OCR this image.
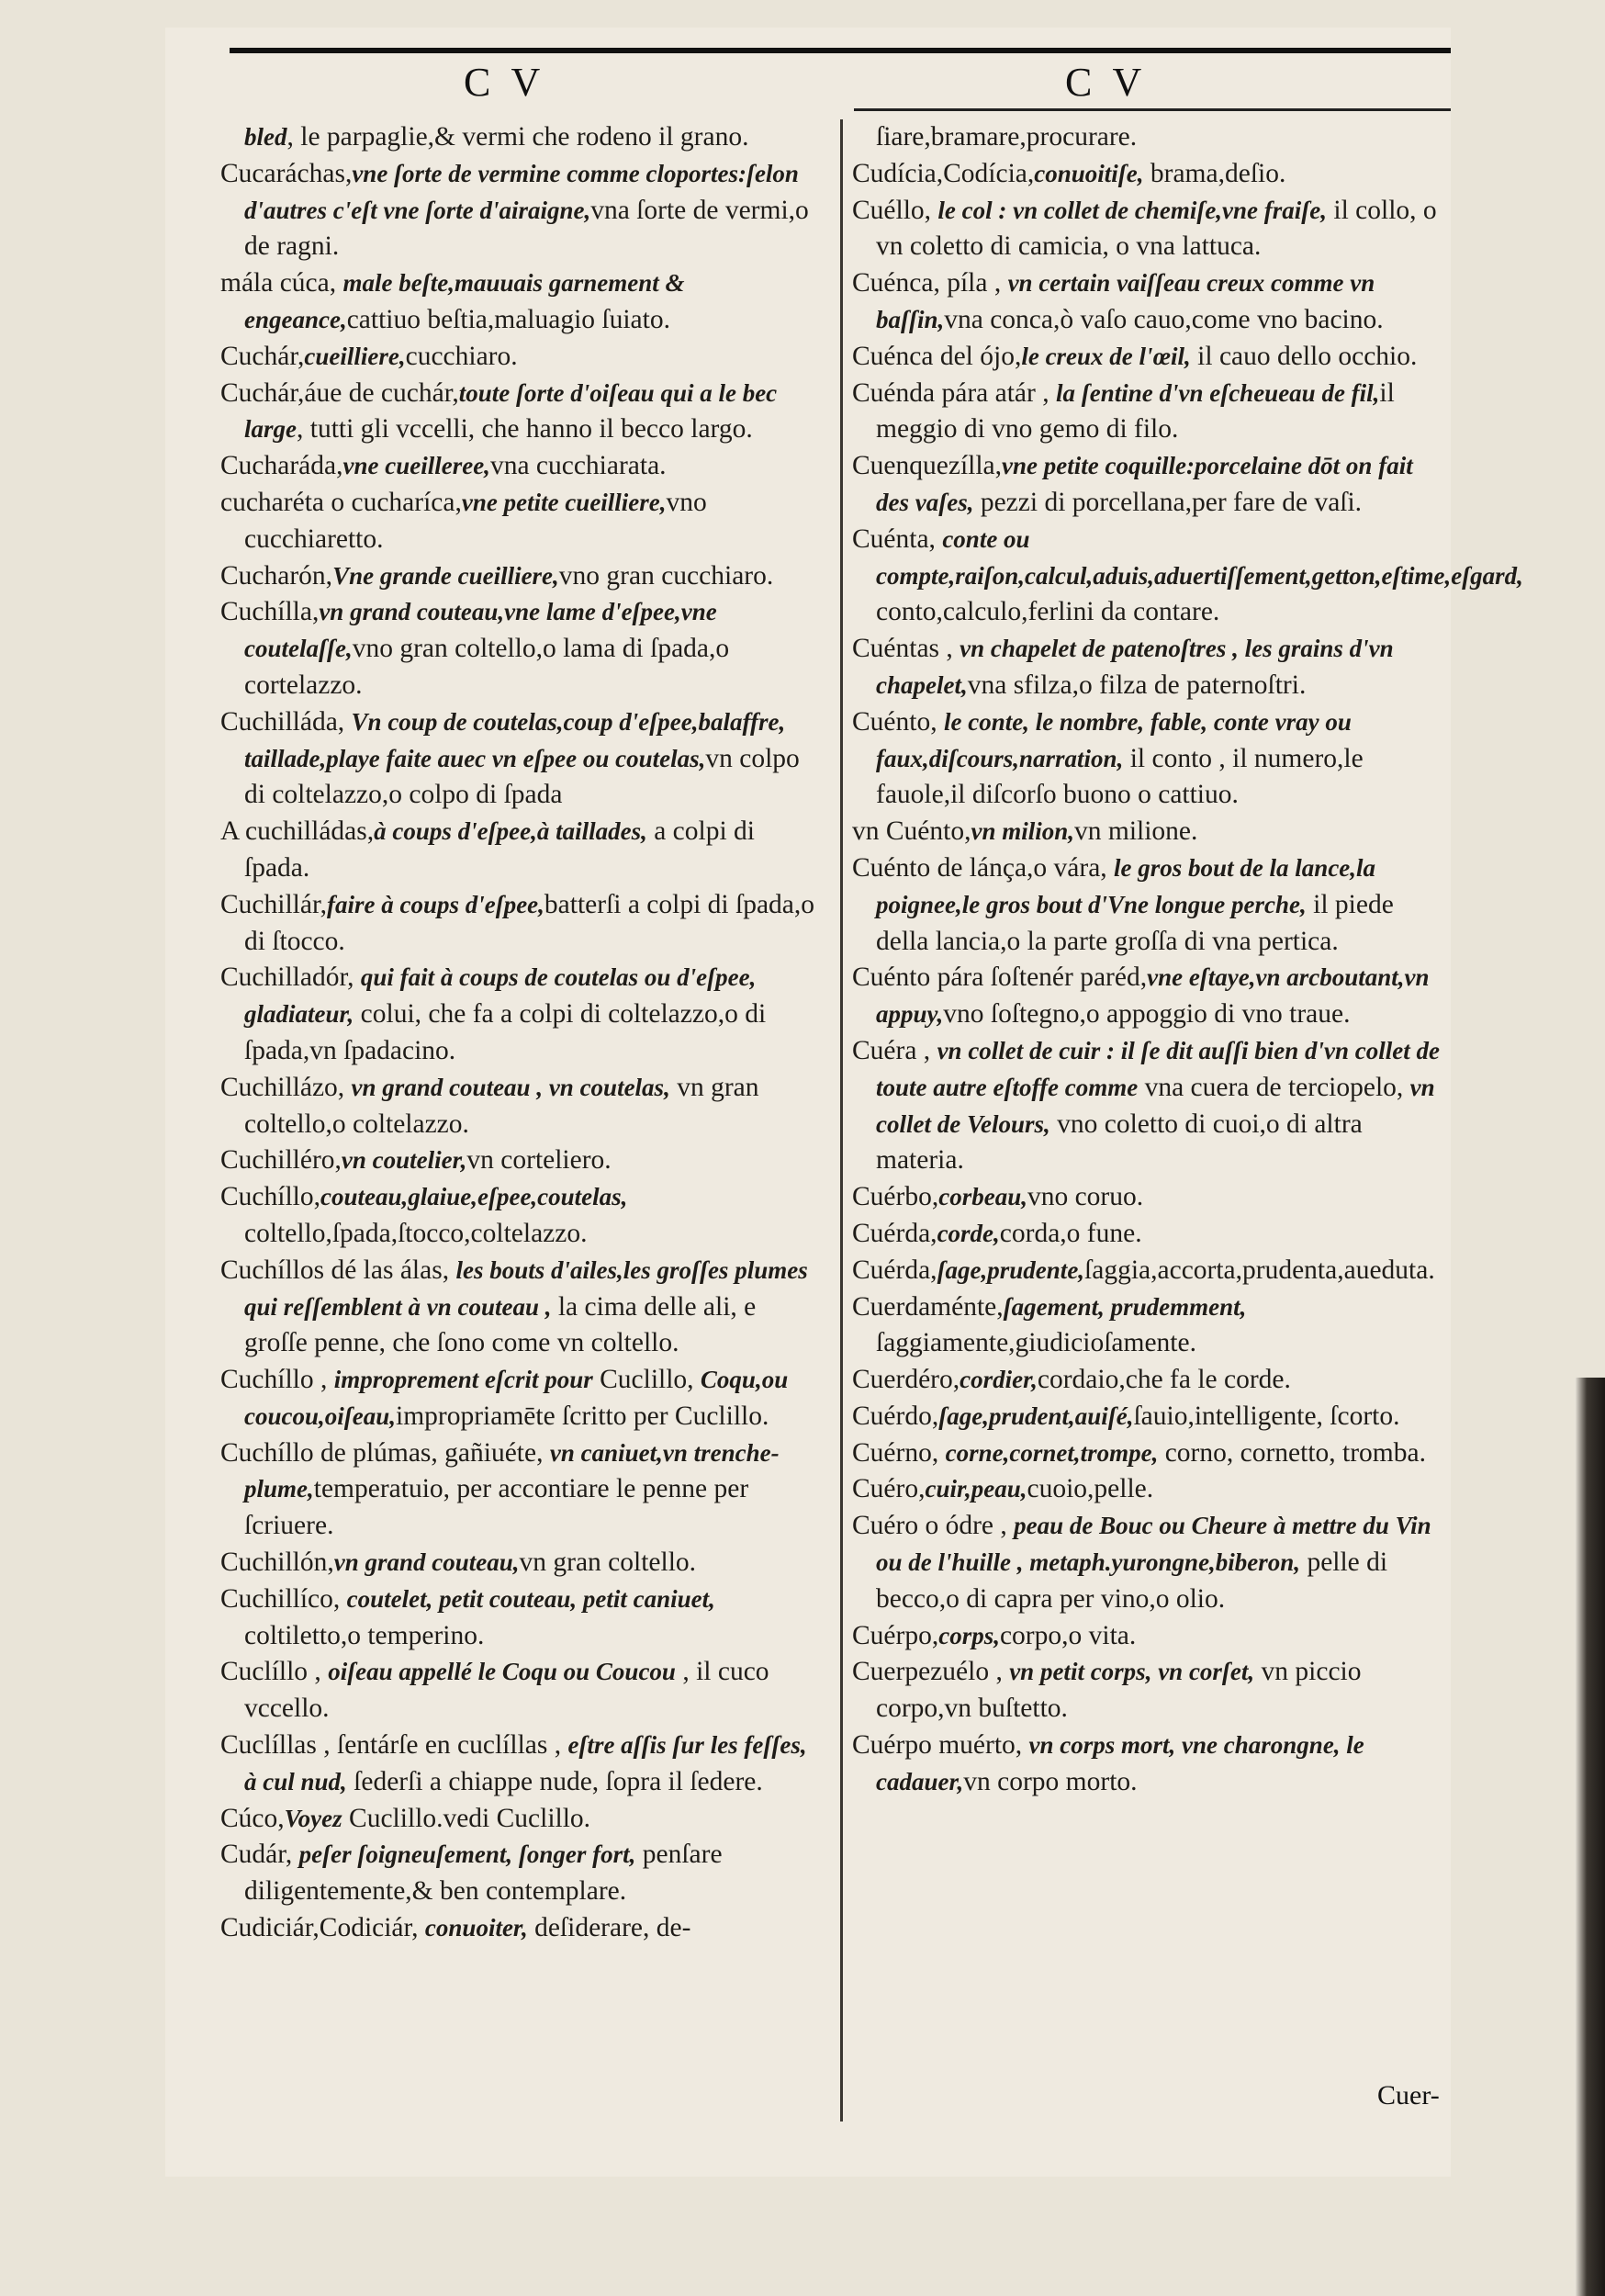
C V	C V

bled, le parpaglie,& vermi che rodeno il grano.

Cucaráchas,vne ſorte de vermine comme cloportes:ſelon d'autres c'eſt vne ſorte d'airaigne,vna ſorte de vermi,o de ragni.

mála cúca, male beſte,mauuais garnement & engeance,cattiuo beſtia,maluagio ſuiato.

Cuchár,cueilliere,cucchiaro.

Cuchár,áue de cuchár,toute ſorte d'oiſeau qui a le bec large, tutti gli vccelli, che hanno il becco largo.

Cucharáda,vne cueilleree,vna cucchiarata.

cucharéta o cucharíca,vne petite cueilliere,vno cucchiaretto.

Cucharón,Vne grande cueilliere,vno gran cucchiaro.

Cuchílla,vn grand couteau,vne lame d'eſpee,vne coutelaſſe,vno gran coltello,o lama di ſpada,o cortelazzo.

Cuchilláda, Vn coup de coutelas,coup d'eſpee,balaffre, taillade,playe faite auec vn eſpee ou coutelas,vn colpo di coltelazzo,o colpo di ſpada

A cuchilládas,à coups d'eſpee,à taillades, a colpi di ſpada.

Cuchillár,faire à coups d'eſpee,batterſi a colpi di ſpada,o di ſtocco.

Cuchilladór, qui fait à coups de coutelas ou d'eſpee, gladiateur, colui, che fa a colpi di coltelazzo,o di ſpada,vn ſpadacino.

Cuchillázo, vn grand couteau , vn coutelas, vn gran coltello,o coltelazzo.

Cuchilléro,vn coutelier,vn corteliero.

Cuchíllo,couteau,glaiue,eſpee,coutelas, coltello,ſpada,ſtocco,coltelazzo.

Cuchíllos dé las álas, les bouts d'ailes,les groſſes plumes qui reſſemblent à vn couteau , la cima delle ali, e groſſe penne, che ſono come vn coltello.

Cuchíllo , improprement eſcrit pour Cuclillo, Coqu,ou coucou,oiſeau,impropriamēte ſcritto per Cuclillo.

Cuchíllo de plúmas, gañiuéte, vn caniuet,vn trenche-plume,temperatuio, per accontiare le penne per ſcriuere.

Cuchillón,vn grand couteau,vn gran coltello.

Cuchillíco, coutelet, petit couteau, petit caniuet, coltiletto,o temperino.

Cuclíllo , oiſeau appellé le Coqu ou Coucou , il cuco vccello.

Cuclíllas , ſentárſe en cuclíllas , eſtre aſſis ſur les feſſes, à cul nud, ſederſi a chiappe nude, ſopra il ſedere.

Cúco,Voyez Cuclillo.vedi Cuclillo.

Cudár, peſer ſoigneuſement, ſonger fort, penſare diligentemente,& ben contemplare.

Cudiciár,Codiciár, conuoiter, deſiderare, de-

ſiare,bramare,procurare.

Cudícia,Codícia,conuoitiſe, brama,deſio.

Cuéllo, le col : vn collet de chemiſe,vne fraiſe, il collo, o vn coletto di camicia, o vna lattuca.

Cuénca, píla , vn certain vaiſſeau creux comme vn baſſin,vna conca,ò vaſo cauo,come vno bacino.

Cuénca del ójo,le creux de l'œil, il cauo dello occhio.

Cuénda pára atár , la ſentine d'vn eſcheueau de fil,il meggio di vno gemo di filo.

Cuenquezílla,vne petite coquille:porcelaine dōt on fait des vaſes, pezzi di porcellana,per fare de vaſi.

Cuénta, conte ou compte,raiſon,calcul,aduis,aduertiſſement,getton,eſtime,eſgard, conto,calculo,ferlini da contare.

Cuéntas , vn chapelet de patenoſtres , les grains d'vn chapelet,vna sfilza,o filza de paternoſtri.

Cuénto, le conte, le nombre, fable, conte vray ou faux,diſcours,narration, il conto , il numero,le fauole,il diſcorſo buono o cattiuo.

vn Cuénto,vn milion,vn milione.

Cuénto de lánça,o vára, le gros bout de la lance,la poignee,le gros bout d'Vne longue perche, il piede della lancia,o la parte groſſa di vna pertica.

Cuénto pára ſoſtenér paréd,vne eſtaye,vn arcboutant,vn appuy,vno ſoſtegno,o appoggio di vno traue.

Cuéra , vn collet de cuir : il ſe dit auſſi bien d'vn collet de toute autre eſtoffe comme vna cuera de terciopelo, vn collet de Velours, vno coletto di cuoi,o di altra materia.

Cuérbo,corbeau,vno coruo.

Cuérda,corde,corda,o fune.

Cuérda,ſage,prudente,ſaggia,accorta,prudenta,aueduta.

Cuerdaménte,ſagement, prudemment, ſaggiamente,giudicioſamente.

Cuerdéro,cordier,cordaio,che fa le corde.

Cuérdo,ſage,prudent,auiſé,ſauio,intelligente, ſcorto.

Cuérno, corne,cornet,trompe, corno, cornetto, tromba.

Cuéro,cuir,peau,cuoio,pelle.

Cuéro o ódre , peau de Bouc ou Cheure à mettre du Vin ou de l'huille , metaph.yurongne,biberon, pelle di becco,o di capra per vino,o olio.

Cuérpo,corps,corpo,o vita.

Cuerpezuélo , vn petit corps, vn corſet, vn piccio corpo,vn buſtetto.

Cuérpo muérto, vn corps mort, vne charongne, le cadauer,vn corpo morto.

Cuer-
